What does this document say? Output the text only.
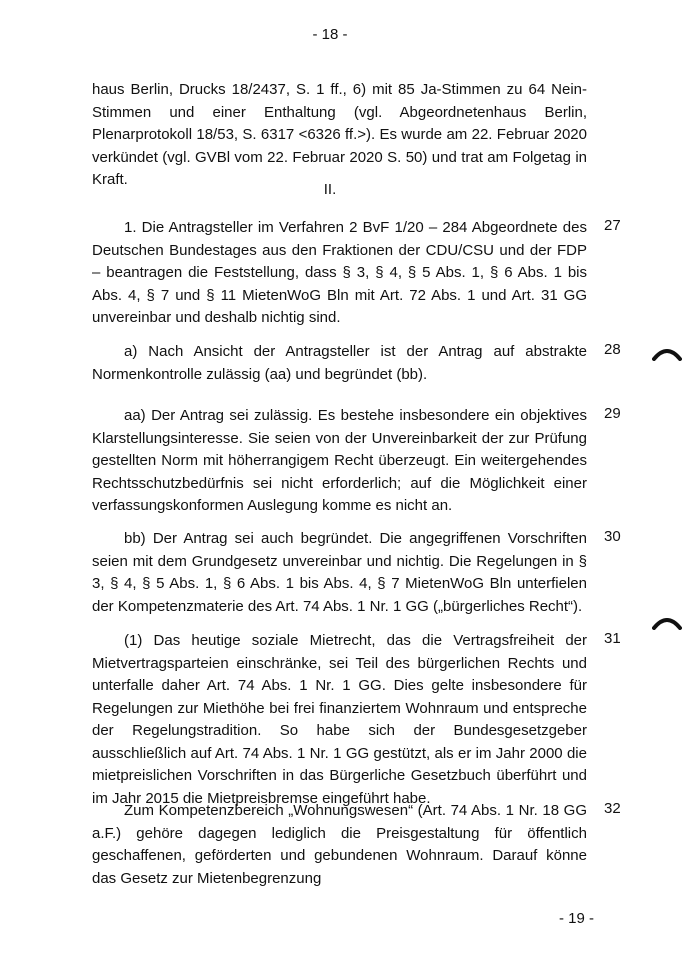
- 18 -

haus Berlin, Drucks 18/2437, S. 1 ff., 6) mit 85 Ja-Stimmen zu 64 Nein-Stimmen und einer Enthaltung (vgl. Abgeordnetenhaus Berlin, Plenarprotokoll 18/53, S. 6317 <6326 ff.>). Es wurde am 22. Februar 2020 verkündet (vgl. GVBl vom 22. Februar 2020 S. 50) und trat am Folgetag in Kraft.

II.

1. Die Antragsteller im Verfahren 2 BvF 1/20 – 284 Abgeordnete des Deutschen Bundestages aus den Fraktionen der CDU/CSU und der FDP – beantragen die Feststellung, dass § 3, § 4, § 5 Abs. 1, § 6 Abs. 1 bis Abs. 4, § 7 und § 11 MietenWoG Bln mit Art. 72 Abs. 1 und Art. 31 GG unvereinbar und deshalb nichtig sind.

27

a) Nach Ansicht der Antragsteller ist der Antrag auf abstrakte Normenkontrolle zulässig (aa) und begründet (bb).

28

aa) Der Antrag sei zulässig. Es bestehe insbesondere ein objektives Klarstellungsinteresse. Sie seien von der Unvereinbarkeit der zur Prüfung gestellten Norm mit höherrangigem Recht überzeugt. Ein weitergehendes Rechtsschutzbedürfnis sei nicht erforderlich; auf die Möglichkeit einer verfassungskonformen Auslegung komme es nicht an.

29

bb) Der Antrag sei auch begründet. Die angegriffenen Vorschriften seien mit dem Grundgesetz unvereinbar und nichtig. Die Regelungen in § 3, § 4, § 5 Abs. 1, § 6 Abs. 1 bis Abs. 4, § 7 MietenWoG Bln unterfielen der Kompetenzmaterie des Art. 74 Abs. 1 Nr. 1 GG („bürgerliches Recht“).

30

(1) Das heutige soziale Mietrecht, das die Vertragsfreiheit der Mietvertragsparteien einschränke, sei Teil des bürgerlichen Rechts und unterfalle daher Art. 74 Abs. 1 Nr. 1 GG. Dies gelte insbesondere für Regelungen zur Miethöhe bei frei finanziertem Wohnraum und entspreche der Regelungstradition. So habe sich der Bundesgesetzgeber ausschließlich auf Art. 74 Abs. 1 Nr. 1 GG gestützt, als er im Jahr 2000 die mietpreislichen Vorschriften in das Bürgerliche Gesetzbuch überführt und im Jahr 2015 die Mietpreisbremse eingeführt habe.

31

Zum Kompetenzbereich „Wohnungswesen“ (Art. 74 Abs. 1 Nr. 18 GG a.F.) gehöre dagegen lediglich die Preisgestaltung für öffentlich geschaffenen, geförderten und gebundenen Wohnraum. Darauf könne das Gesetz zur Mietenbegrenzung

32
- 19 -
